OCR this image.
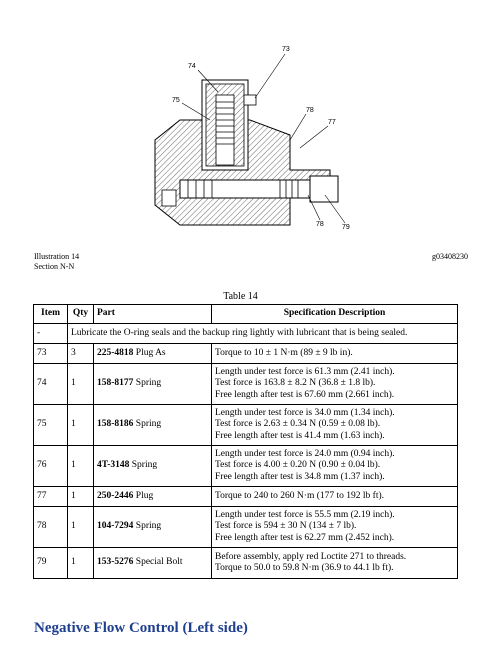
73
74
75
78
77
78	79
Illustration 14
Section N-N
g03408230
Table 14
Item	Qty	Part	Specification Description
-	Lubricate the O-ring seals and the backup ring lightly with lubricant that is being sealed.		
73	3	225-4818 Plug As	Torque to 10 ± 1 N·m (89 ± 9 lb in).

74	1	158-8177 Spring	Length under test force is 61.3 mm (2.41 inch).
Test force is 163.8 ± 8.2 N (36.8 ± 1.8 lb).
Free length after test is 67.60 mm (2.661 inch).

75	1	158-8186 Spring	Length under test force is 34.0 mm (1.34 inch).
Test force is 2.63 ± 0.34 N (0.59 ± 0.08 lb).
Free length after test is 41.4 mm (1.63 inch).

76	1	4T-3148 Spring	Length under test force is 24.0 mm (0.94 inch).
Test force is 4.00 ± 0.20 N (0.90 ± 0.04 lb).
Free length after test is 34.8 mm (1.37 inch).

77	1	250-2446 Plug	Torque to 240 to 260 N·m (177 to 192 lb ft).

78	1	104-7294 Spring	Length under test force is 55.5 mm (2.19 inch).
Test force is 594 ± 30 N (134 ± 7 lb).
Free length after test is 62.27 mm (2.452 inch).

79	1	153-5276 Special Bolt	Before assembly, apply red Loctite 271 to threads.
Torque to 50.0 to 59.8 N·m (36.9 to 44.1 lb ft).
Negative Flow Control (Left side)
